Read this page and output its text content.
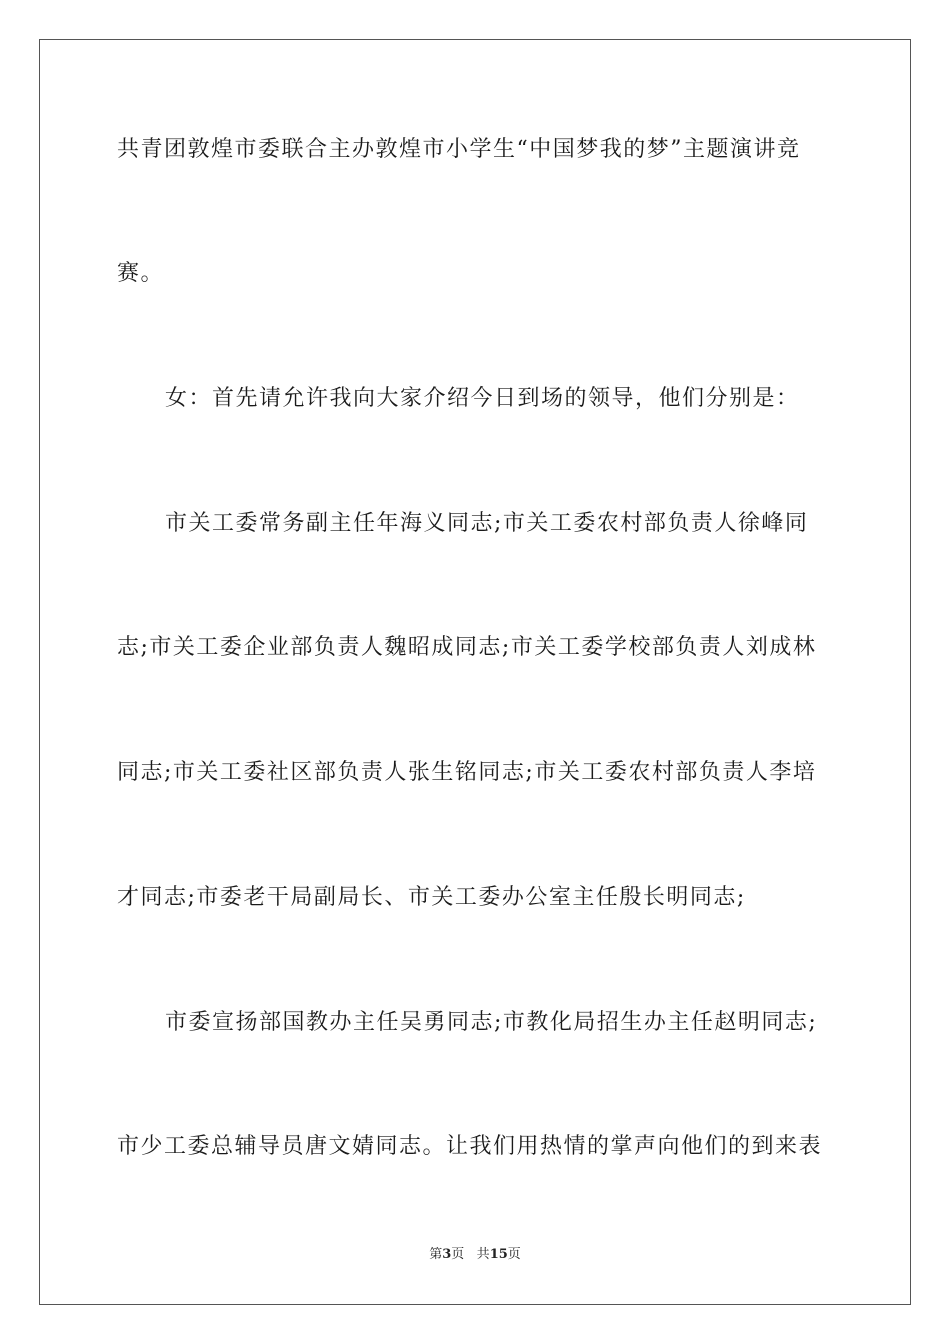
共青团敦煌市委联合主办敦煌市小学生“中国梦我的梦”主题演讲竞

赛。

女：首先请允许我向大家介绍今日到场的领导，他们分别是：

市关工委常务副主任年海义同志;市关工委农村部负责人徐峰同

志;市关工委企业部负责人魏昭成同志;市关工委学校部负责人刘成林

同志;市关工委社区部负责人张生铭同志;市关工委农村部负责人李培

才同志;市委老干局副局长、市关工委办公室主任殷长明同志;

市委宣扬部国教办主任吴勇同志;市教化局招生办主任赵明同志;

市少工委总辅导员唐文婧同志。让我们用热情的掌声向他们的到来表

第3页 共15页
